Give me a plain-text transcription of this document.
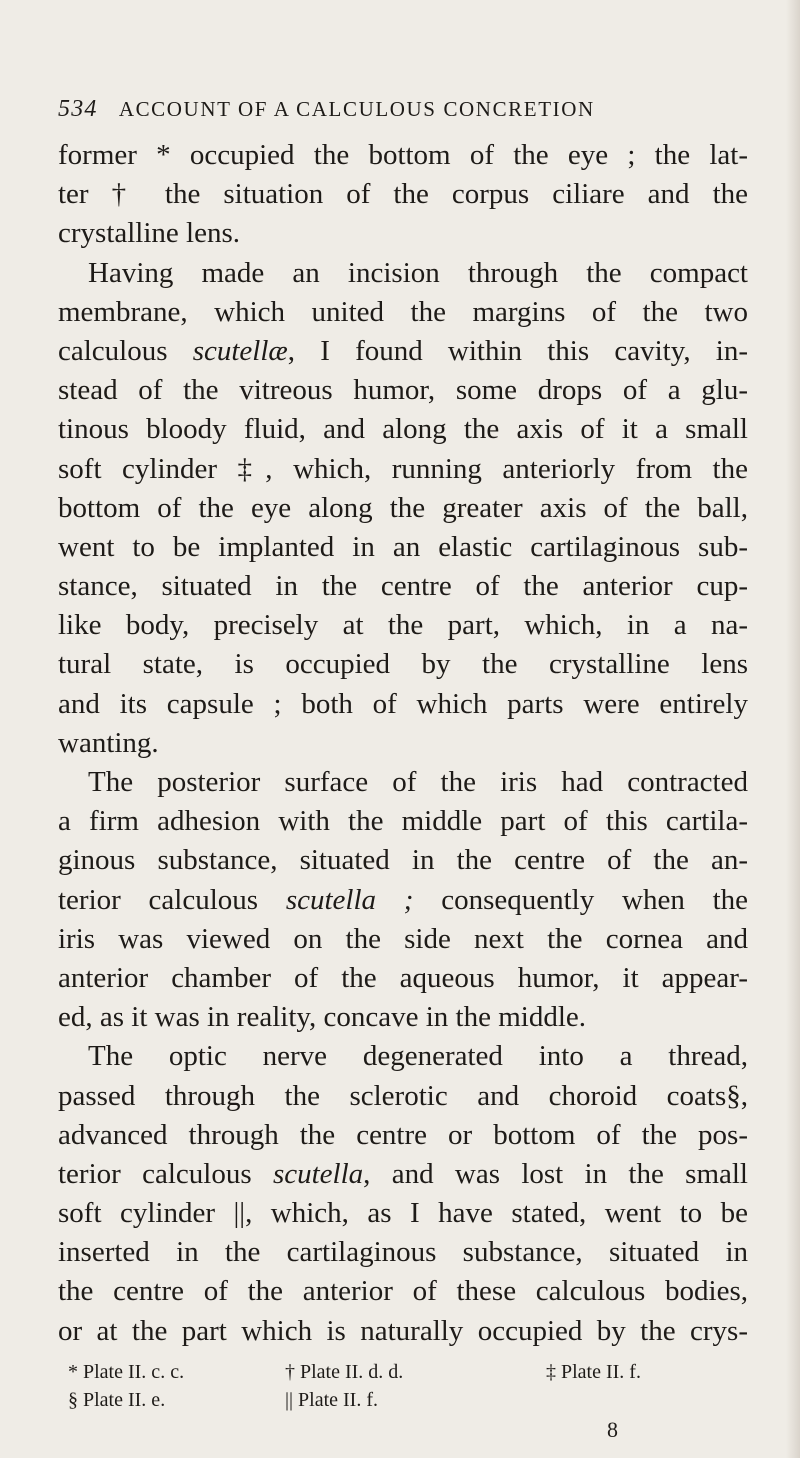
534 ACCOUNT OF A CALCULOUS CONCRETION
former * occupied the bottom of the eye ; the lat-
ter † the situation of the corpus ciliare and the
crystalline lens.
Having made an incision through the compact
membrane, which united the margins of the two
calculous scutellæ, I found within this cavity, in-
stead of the vitreous humor, some drops of a glu-
tinous bloody fluid, and along the axis of it a small
soft cylinder ‡, which, running anteriorly from the
bottom of the eye along the greater axis of the ball,
went to be implanted in an elastic cartilaginous sub-
stance, situated in the centre of the anterior cup-
like body, precisely at the part, which, in a na-
tural state, is occupied by the crystalline lens
and its capsule ; both of which parts were entirely
wanting.
The posterior surface of the iris had contracted
a firm adhesion with the middle part of this cartila-
ginous substance, situated in the centre of the an-
terior calculous scutella ; consequently when the
iris was viewed on the side next the cornea and
anterior chamber of the aqueous humor, it appear-
ed, as it was in reality, concave in the middle.
The optic nerve degenerated into a thread,
passed through the sclerotic and choroid coats§,
advanced through the centre or bottom of the pos-
terior calculous scutella, and was lost in the small
soft cylinder ||, which, as I have stated, went to be
inserted in the cartilaginous substance, situated in
the centre of the anterior of these calculous bodies,
or at the part which is naturally occupied by the crys-
* Plate II. c. c.	† Plate II. d. d.	‡ Plate II. f.
§ Plate II. e.	|| Plate II. f.
8
